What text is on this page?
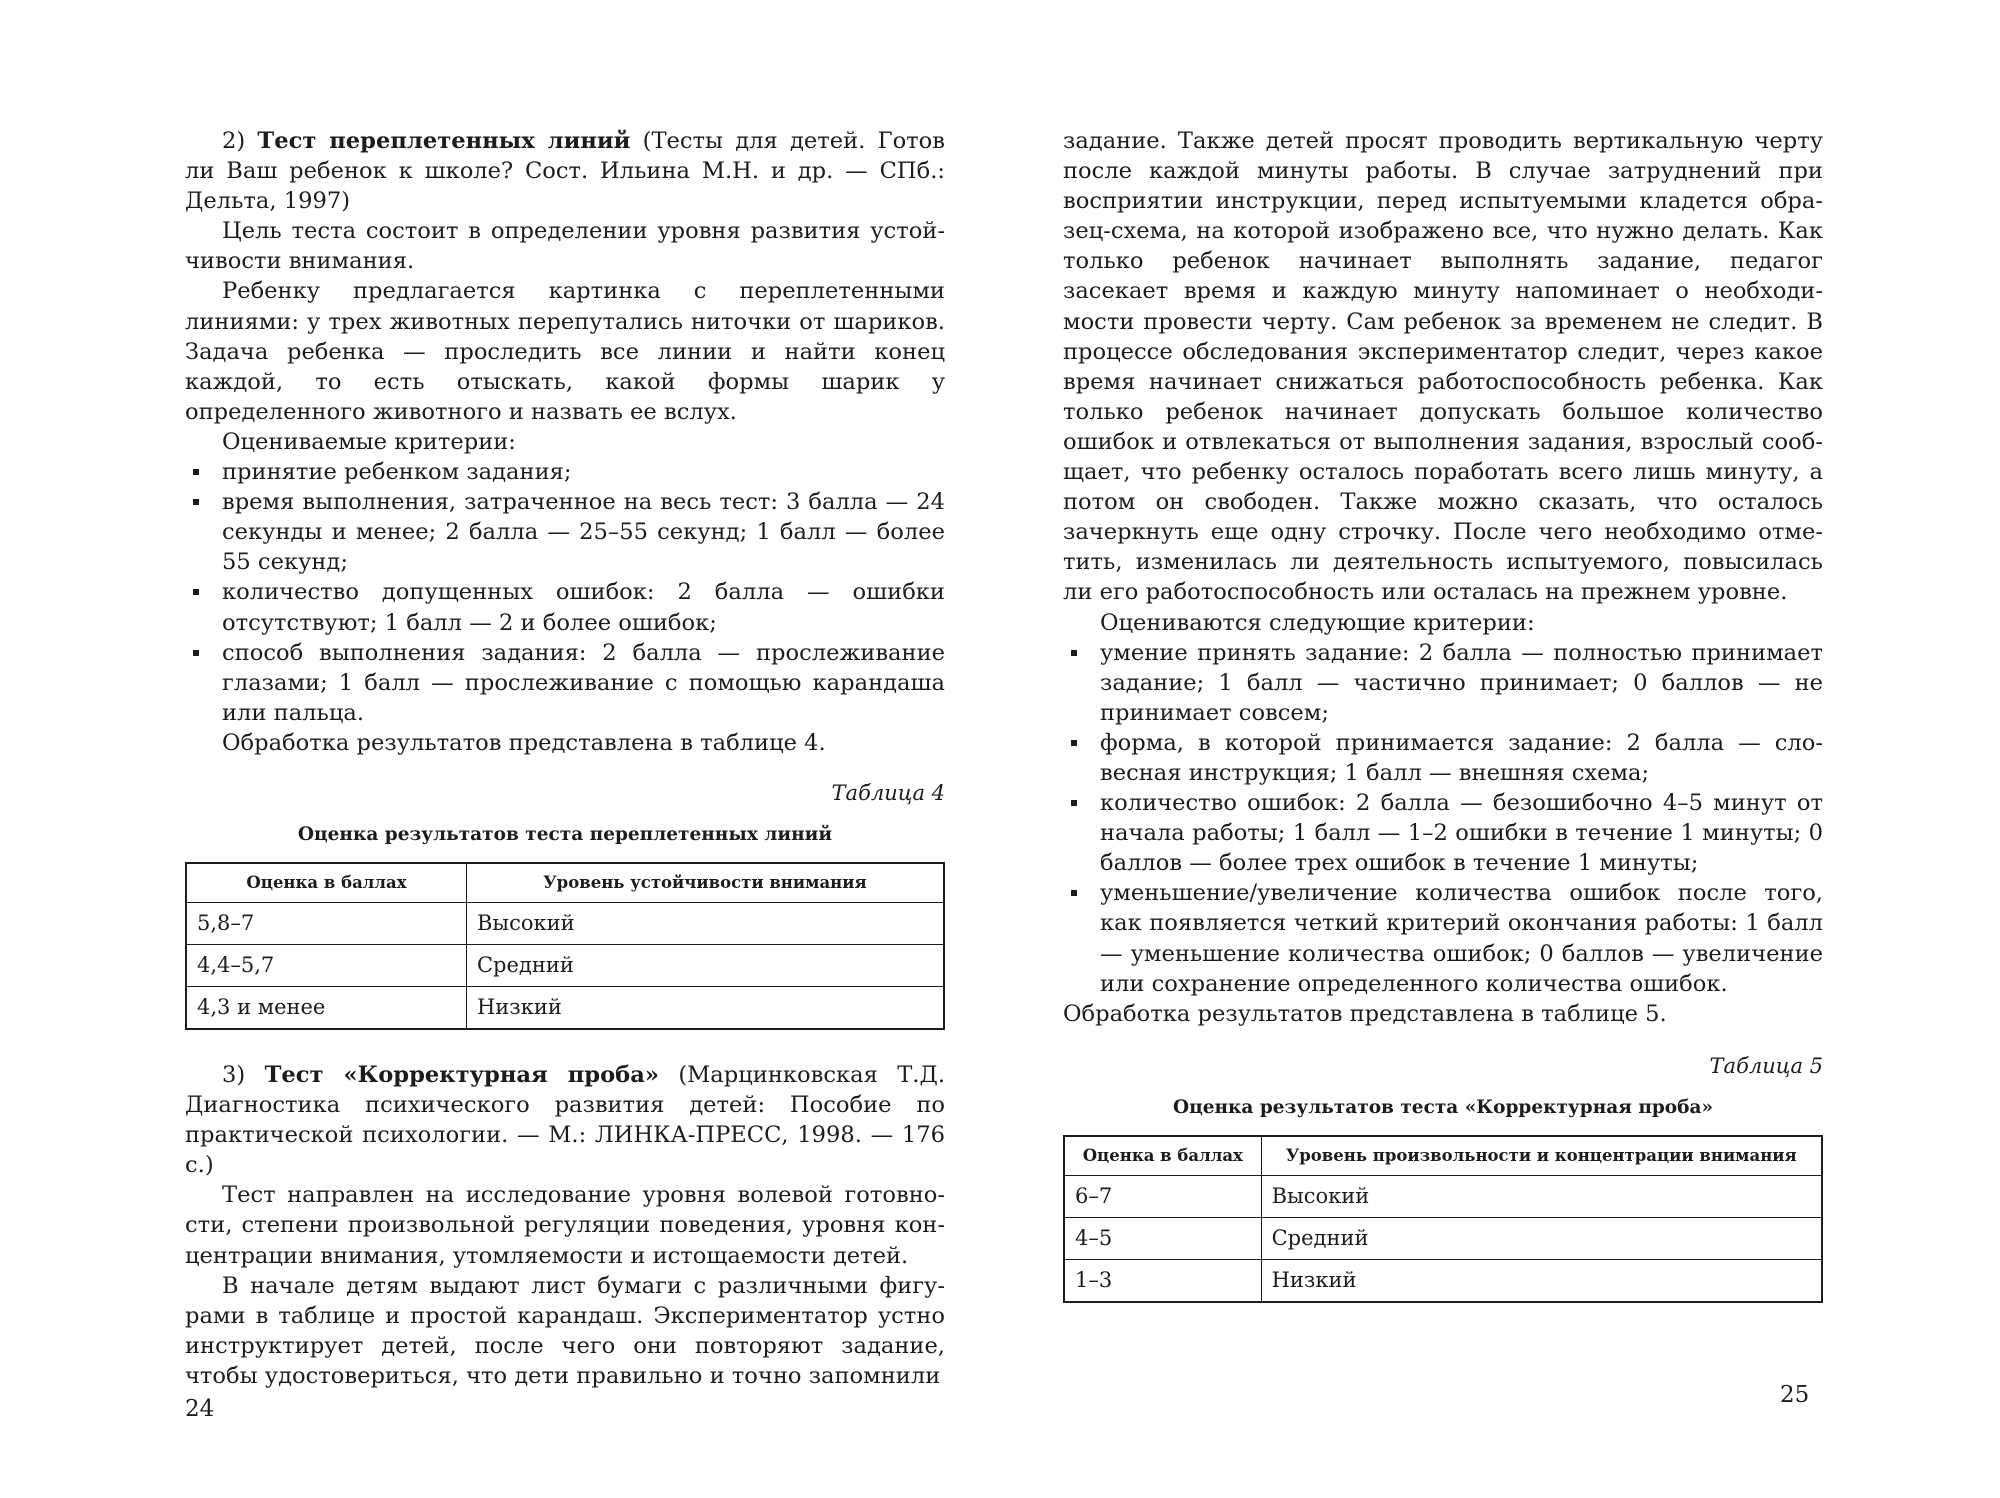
2) Тест переплетенных линий (Тесты для детей. Готов ли Ваш ребенок к школе? Сост. Ильина М.Н. и др. — СПб.: Дельта, 1997)

Цель теста состоит в определении уровня развития устойчивости внимания.

Ребенку предлагается картинка с переплетенными линиями: у трех животных перепутались ниточки от шариков. Задача ребенка — проследить все линии и найти конец каждой, то есть отыскать, какой формы шарик у определенного животного и назвать ее вслух.

Оцениваемые критерии:

принятие ребенком задания;
время выполнения, затраченное на весь тест: 3 балла — 24 секунды и менее; 2 балла — 25–55 секунд; 1 балл — более 55 секунд;
количество допущенных ошибок: 2 балла — ошибки отсутствуют; 1 балл — 2 и более ошибок;
способ выполнения задания: 2 балла — прослеживание глазами; 1 балл — прослеживание с помощью карандаша или пальца.

Обработка результатов представлена в таблице 4.

Таблица 4

Оценка результатов теста переплетенных линий

Оценка в баллах	Уровень устойчивости внимания
5,8–7	Высокий
4,4–5,7	Средний
4,3 и менее	Низкий

3) Тест «Корректурная проба» (Марцинковская Т.Д. Диагностика психического развития детей: Пособие по практической психологии. — М.: ЛИНКА-ПРЕСС, 1998. — 176 с.)

Тест направлен на исследование уровня волевой готовности, степени произвольной регуляции поведения, уровня концентрации внимания, утомляемости и истощаемости детей.

В начале детям выдают лист бумаги с различными фигурами в таблице и простой карандаш. Экспериментатор устно инструктирует детей, после чего они повторяют задание, чтобы удостовериться, что дети правильно и точно запомнили

24

задание. Также детей просят проводить вертикальную черту после каждой минуты работы. В случае затруднений при восприятии инструкции, перед испытуемыми кладется образец-схема, на которой изображено все, что нужно делать. Как только ребенок начинает выполнять задание, педагог засекает время и каждую минуту напоминает о необходимости провести черту. Сам ребенок за временем не следит. В процессе обследования экспериментатор следит, через какое время начинает снижаться работоспособность ребенка. Как только ребенок начинает допускать большое количество ошибок и отвлекаться от выполнения задания, взрослый сообщает, что ребенку осталось поработать всего лишь минуту, а потом он свободен. Также можно сказать, что осталось зачеркнуть еще одну строчку. После чего необходимо отметить, изменилась ли деятельность испытуемого, повысилась ли его работоспособность или осталась на прежнем уровне.

Оцениваются следующие критерии:

умение принять задание: 2 балла — полностью принимает задание; 1 балл — частично принимает; 0 баллов — не принимает совсем;
форма, в которой принимается задание: 2 балла — словесная инструкция; 1 балл — внешняя схема;
количество ошибок: 2 балла — безошибочно 4–5 минут от начала работы; 1 балл — 1–2 ошибки в течение 1 минуты; 0 баллов — более трех ошибок в течение 1 минуты;
уменьшение/увеличение количества ошибок после того, как появляется четкий критерий окончания работы: 1 балл — уменьшение количества ошибок; 0 баллов — увеличение или сохранение определенного количества ошибок.

Обработка результатов представлена в таблице 5.

Таблица 5

Оценка результатов теста «Корректурная проба»

Оценка в баллах	Уровень произвольности и концентрации внимания
6–7	Высокий
4–5	Средний
1–3	Низкий
25
